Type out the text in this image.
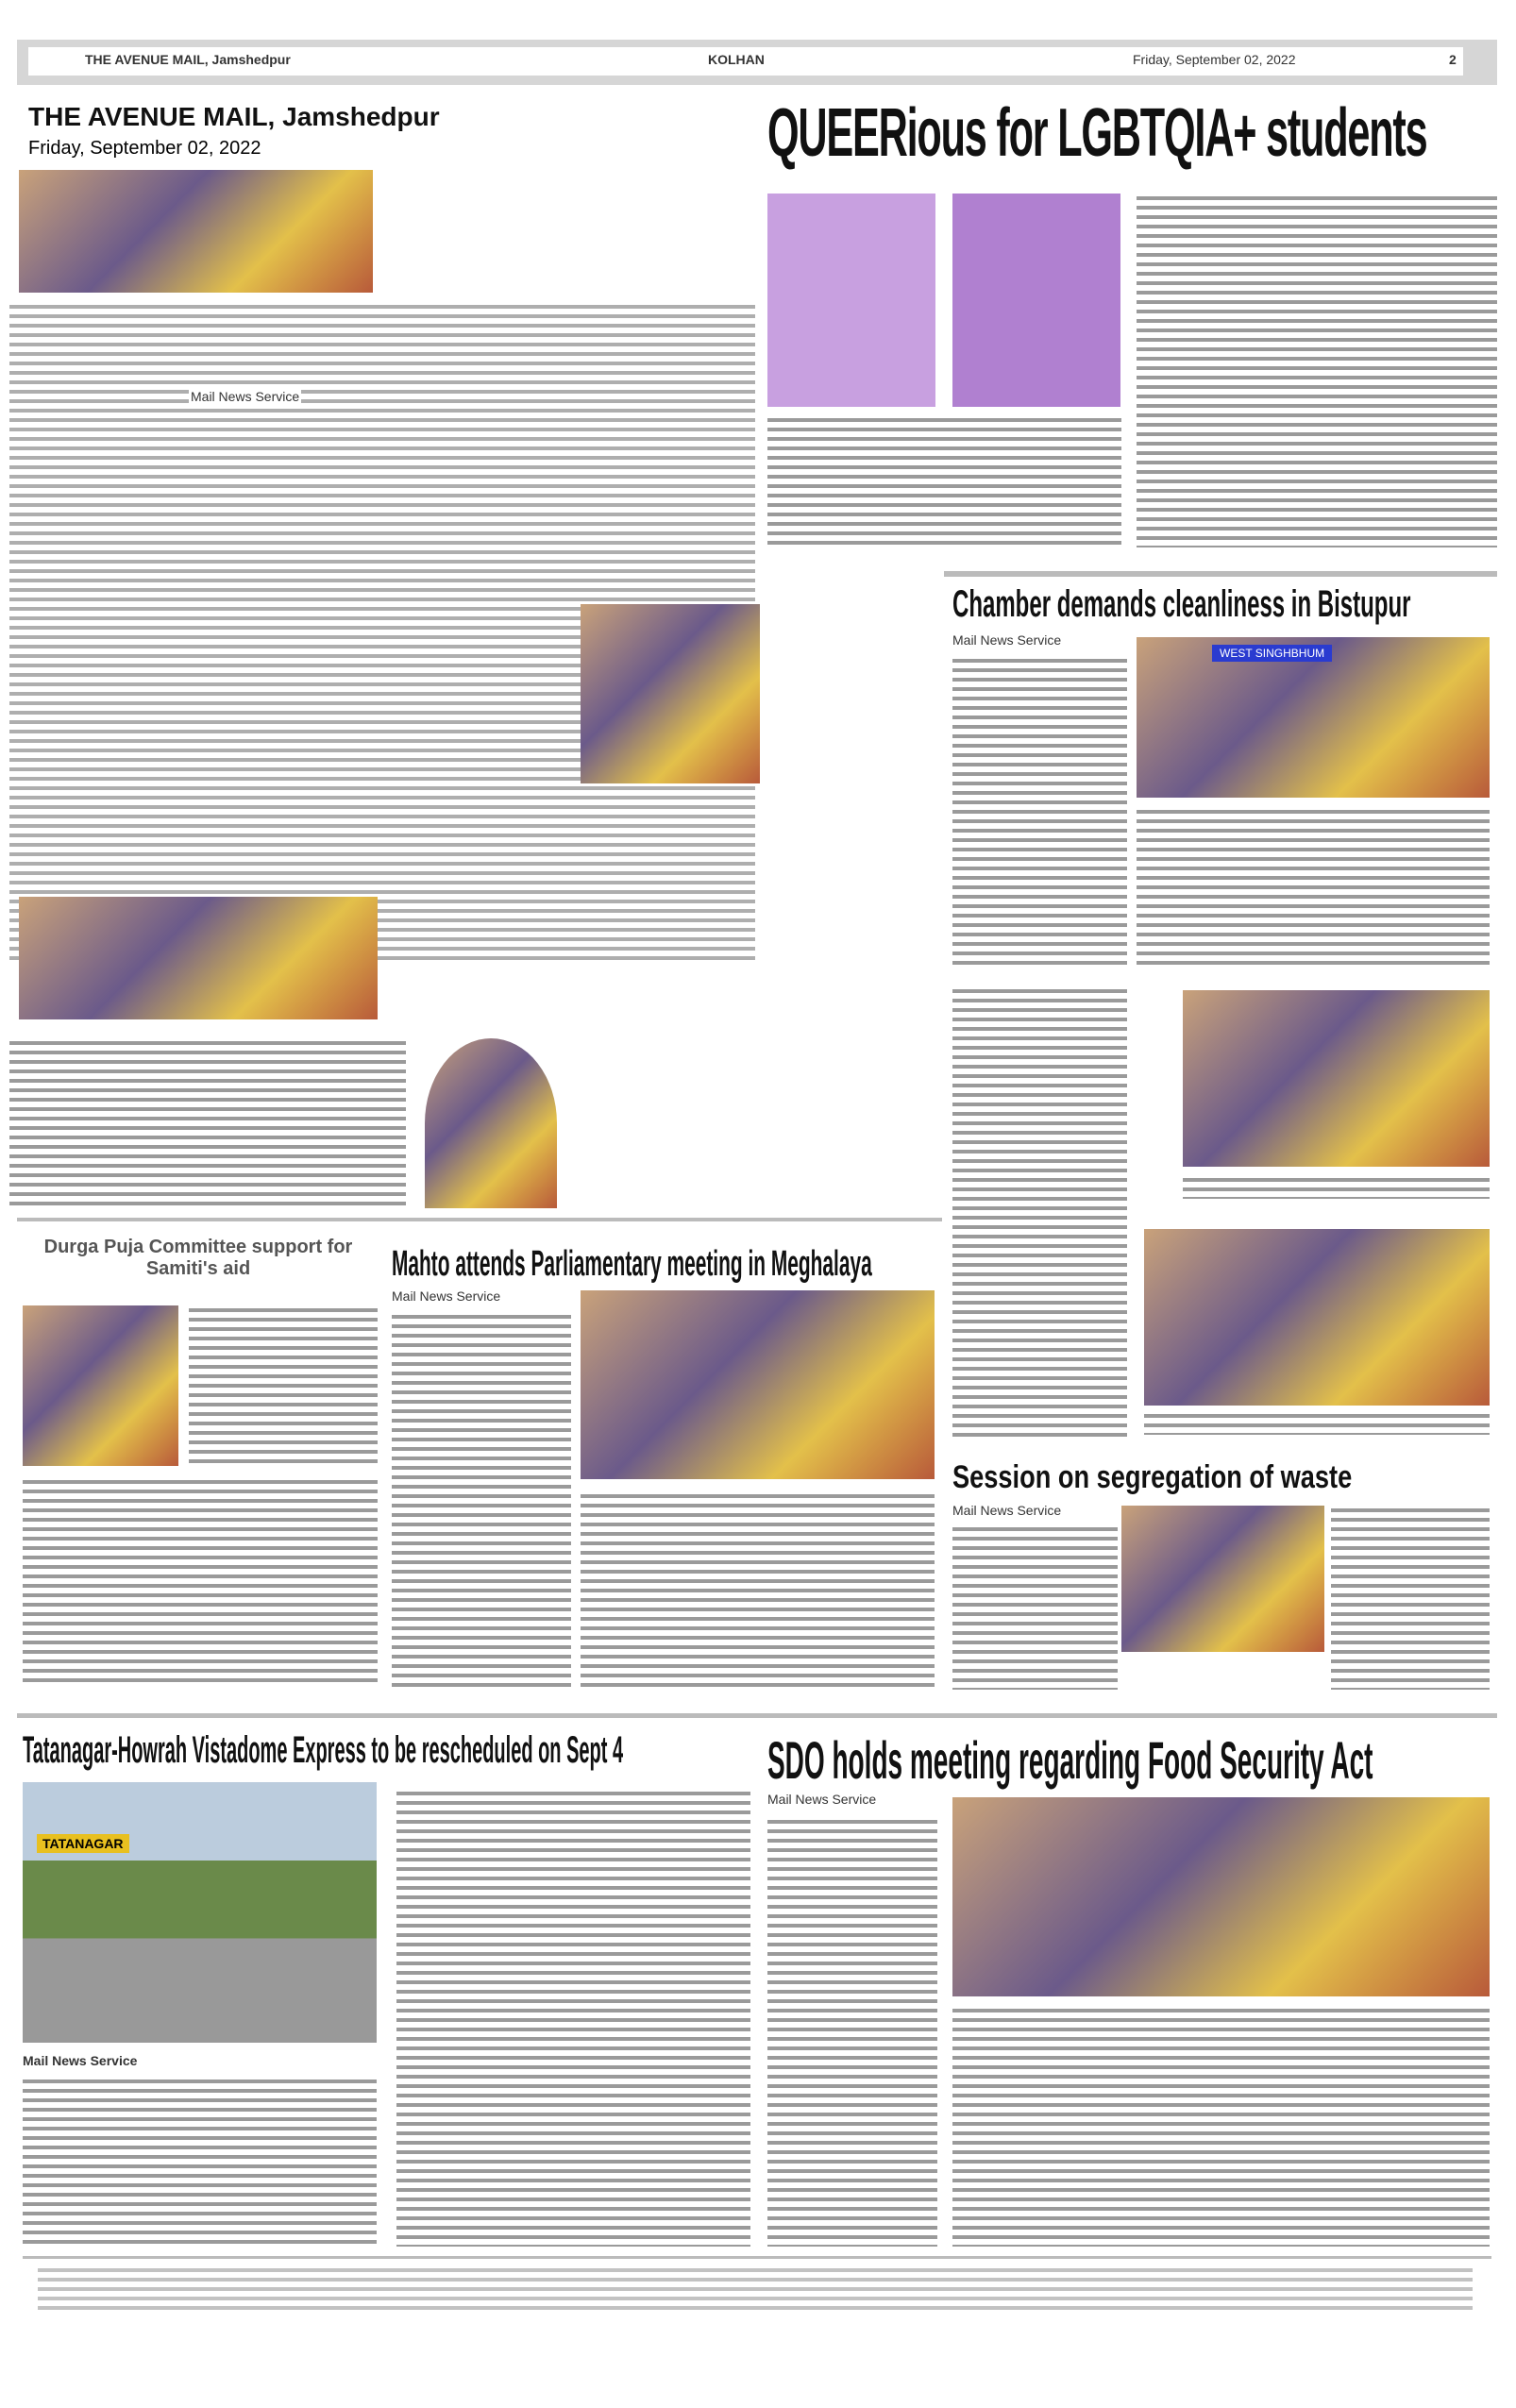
THE AVENUE MAIL, Jamshedpur	KOLHAN	Friday, September 02, 2022	2
THE AVENUE MAIL, Jamshedpur
Friday, September 02, 2022
Mail News Service
QUEERious for LGBTQIA+ students
Chamber demands cleanliness in Bistupur
Mail News Service
WEST SINGHBHUM
Durga Puja Committee support for Samiti's aid	Mahto attends Parliamentary meeting in Meghalaya
Mail News Service
Session on segregation of waste
Mail News Service
Tatanagar-Howrah Vistadome Express to be rescheduled on Sept 4
TATANAGAR
Mail News Service
SDO holds meeting regarding Food Security Act
Mail News Service
